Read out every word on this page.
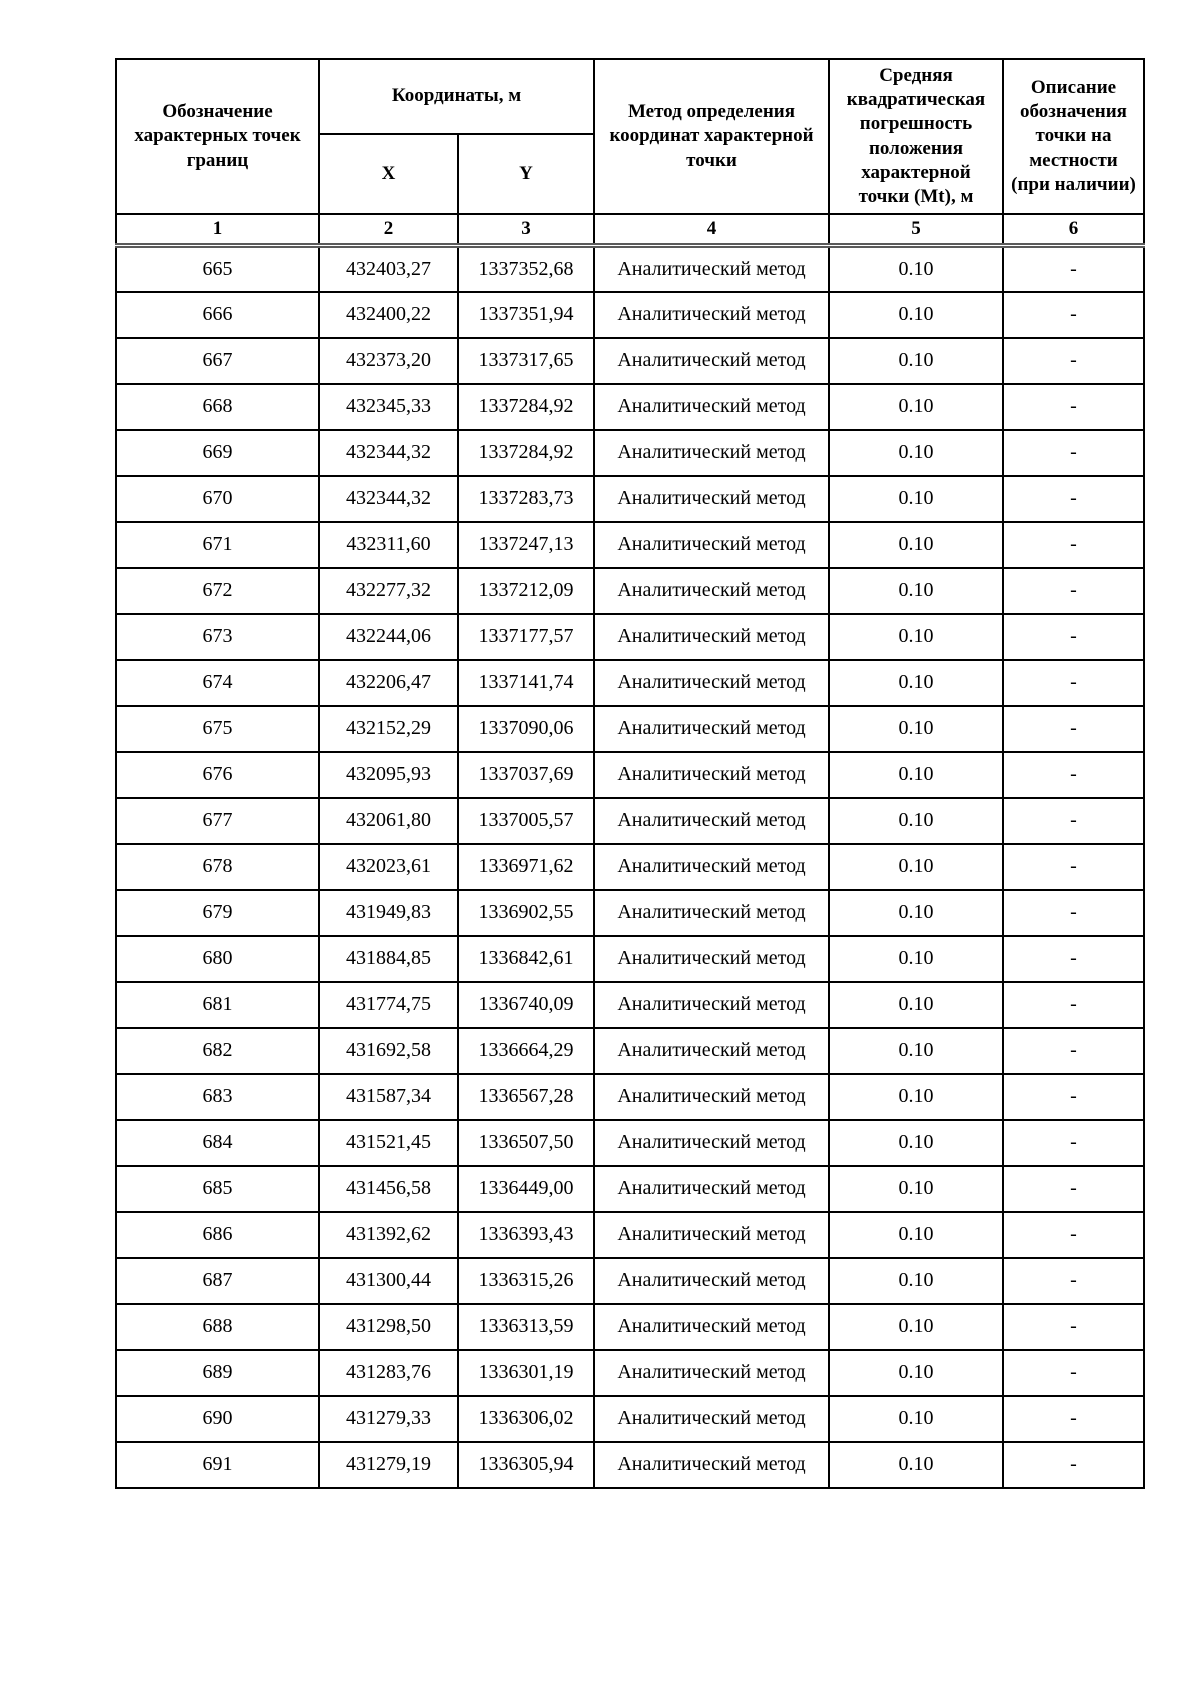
Обозначение характерных точек границ	Координаты, м		Метод определения координат характерной точки	Средняя квадратическая погрешность положения характерной точки (Mt), м	Описание обозначения точки на местности (при наличии)
	X	Y			
1	2	3	4	5	6
665	432403,27	1337352,68	Аналитический метод	0.10	-
666	432400,22	1337351,94	Аналитический метод	0.10	-
667	432373,20	1337317,65	Аналитический метод	0.10	-
668	432345,33	1337284,92	Аналитический метод	0.10	-
669	432344,32	1337284,92	Аналитический метод	0.10	-
670	432344,32	1337283,73	Аналитический метод	0.10	-
671	432311,60	1337247,13	Аналитический метод	0.10	-
672	432277,32	1337212,09	Аналитический метод	0.10	-
673	432244,06	1337177,57	Аналитический метод	0.10	-
674	432206,47	1337141,74	Аналитический метод	0.10	-
675	432152,29	1337090,06	Аналитический метод	0.10	-
676	432095,93	1337037,69	Аналитический метод	0.10	-
677	432061,80	1337005,57	Аналитический метод	0.10	-
678	432023,61	1336971,62	Аналитический метод	0.10	-
679	431949,83	1336902,55	Аналитический метод	0.10	-
680	431884,85	1336842,61	Аналитический метод	0.10	-
681	431774,75	1336740,09	Аналитический метод	0.10	-
682	431692,58	1336664,29	Аналитический метод	0.10	-
683	431587,34	1336567,28	Аналитический метод	0.10	-
684	431521,45	1336507,50	Аналитический метод	0.10	-
685	431456,58	1336449,00	Аналитический метод	0.10	-
686	431392,62	1336393,43	Аналитический метод	0.10	-
687	431300,44	1336315,26	Аналитический метод	0.10	-
688	431298,50	1336313,59	Аналитический метод	0.10	-
689	431283,76	1336301,19	Аналитический метод	0.10	-
690	431279,33	1336306,02	Аналитический метод	0.10	-
691	431279,19	1336305,94	Аналитический метод	0.10	-
